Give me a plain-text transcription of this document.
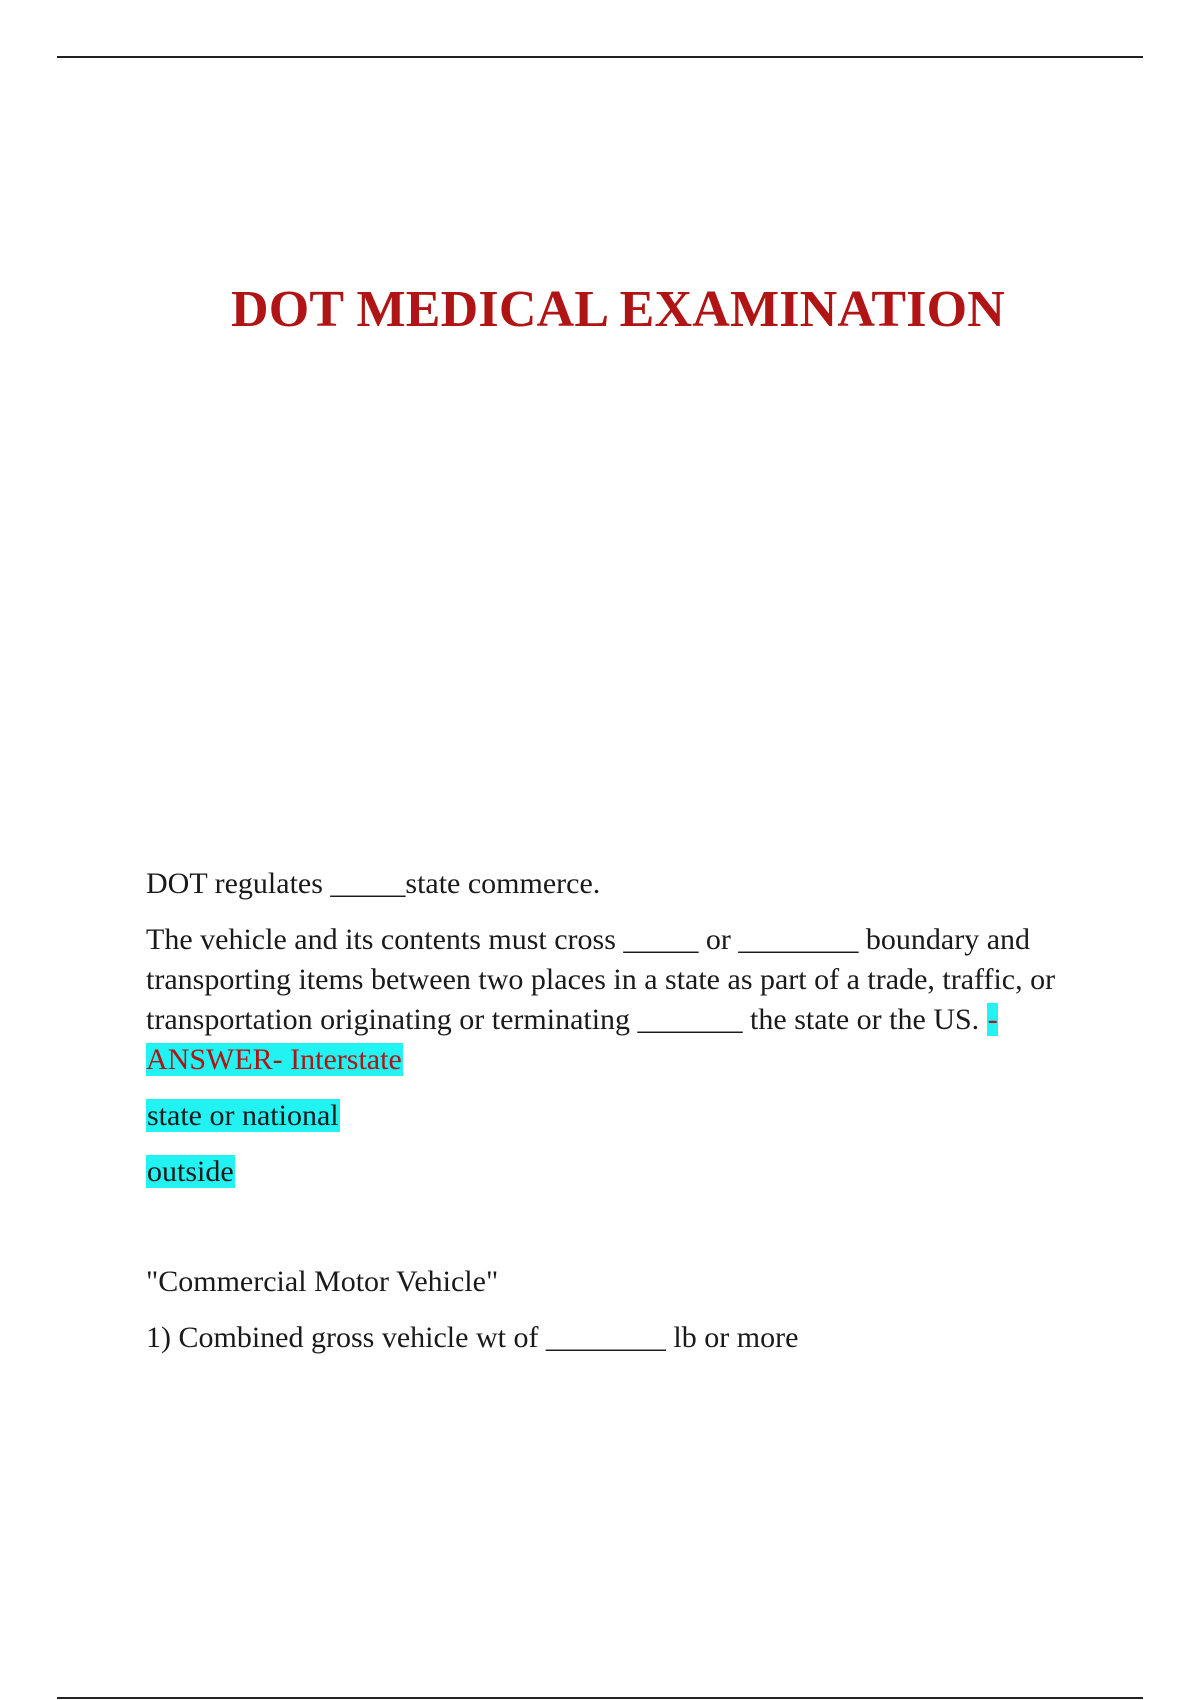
DOT MEDICAL EXAMINATION

DOT regulates _____state commerce.

The vehicle and its contents must cross _____ or ________ boundary and transporting items between two places in a state as part of a trade, traffic, or transportation originating or terminating _______ the state or the US. - ANSWER- Interstate

state or national

outside

"Commercial Motor Vehicle"

1) Combined gross vehicle wt of ________ lb or more
